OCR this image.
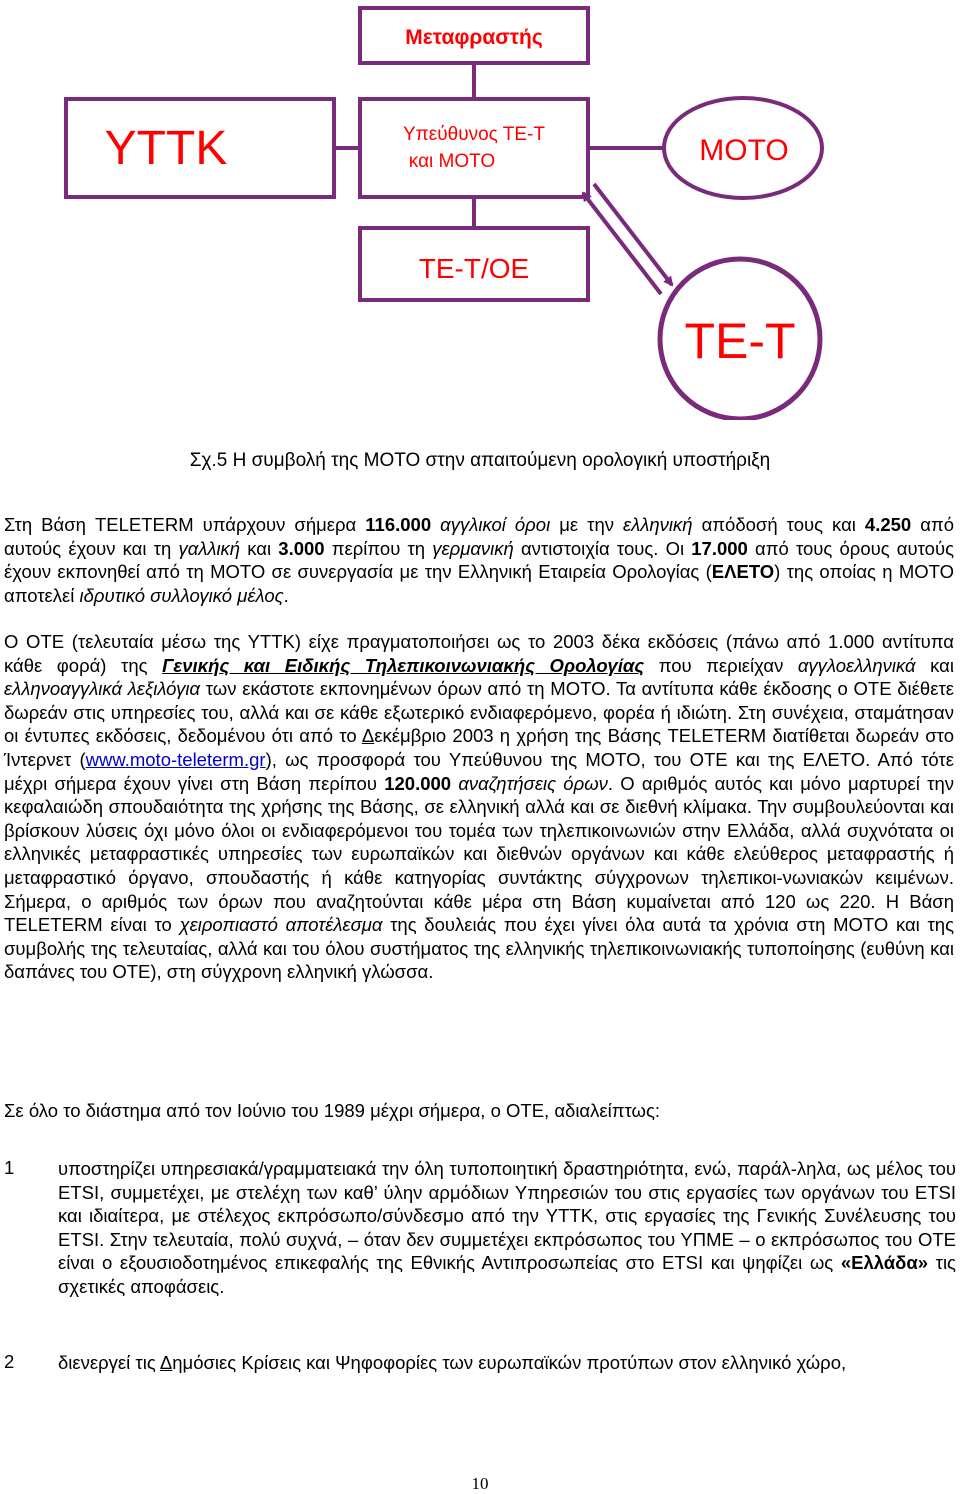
Μεταφραστής
ΥΤΤΚ	Υπεύθυνος ΤΕ-Τ
και ΜΟΤΟ	ΜΟΤΟ
ΤΕ-Τ/ΟΕ
ΤΕ-Τ
Σχ.5 Η συμβολή της ΜΟΤΟ στην απαιτούμενη ορολογική υποστήριξη
Στη Βάση TELETERM υπάρχουν σήμερα 116.000 αγγλικοί όροι με την ελληνική απόδοσή τους και 4.250 από αυτούς έχουν και τη γαλλική και 3.000 περίπου τη γερμανική αντιστοιχία τους. Οι 17.000 από τους όρους αυτούς έχουν εκπονηθεί από τη ΜΟΤΟ σε συνεργασία με την Ελληνική Εταιρεία Ορολογίας (ΕΛΕΤΟ) της οποίας η ΜΟΤΟ αποτελεί ιδρυτικό συλλογικό μέλος.
Ο ΟΤΕ (τελευταία μέσω της ΥΤΤΚ) είχε πραγματοποιήσει ως το 2003 δέκα εκδόσεις (πάνω από 1.000 αντίτυπα κάθε φορά) της Γενικής και Ειδικής Τηλεπικοινωνιακής Ορολογίας που περιείχαν αγγλοελληνικά και ελληνοαγγλικά λεξιλόγια των εκάστοτε εκπονημένων όρων από τη ΜΟΤΟ. Τα αντίτυπα κάθε έκδοσης ο ΟΤΕ διέθετε δωρεάν στις υπηρεσίες του, αλλά και σε κάθε εξωτερικό ενδιαφερόμενο, φορέα ή ιδιώτη. Στη συνέχεια, σταμάτησαν οι έντυπες εκδόσεις, δεδομένου ότι από το Δεκέμβριο 2003 η χρήση της Βάσης TELETERM διατίθεται δωρεάν στο Ίντερνετ (www.moto-teleterm.gr), ως προσφορά του Υπεύθυνου της ΜΟΤΟ, του ΟΤΕ και της ΕΛΕΤΟ. Από τότε μέχρι σήμερα έχουν γίνει στη Βάση περίπου 120.000 αναζητήσεις όρων. Ο αριθμός αυτός και μόνο μαρτυρεί την κεφαλαιώδη σπουδαιότητα της χρήσης της Βάσης, σε ελληνική αλλά και σε διεθνή κλίμακα. Την συμβουλεύονται και βρίσκουν λύσεις όχι μόνο όλοι οι ενδιαφερόμενοι του τομέα των τηλεπικοινωνιών στην Ελλάδα, αλλά συχνότατα οι ελληνικές μεταφραστικές υπηρεσίες των ευρωπαϊκών και διεθνών οργάνων και κάθε ελεύθερος μεταφραστής ή μεταφραστικό όργανο, σπουδαστής ή κάθε κατηγορίας συντάκτης σύγχρονων τηλεπικοι-νωνιακών κειμένων. Σήμερα, ο αριθμός των όρων που αναζητούνται κάθε μέρα στη Βάση κυμαίνεται από 120 ως 220. Η Βάση TELETERM είναι το χειροπιαστό αποτέλεσμα της δουλειάς που έχει γίνει όλα αυτά τα χρόνια στη ΜΟΤΟ και της συμβολής της τελευταίας, αλλά και του όλου συστήματος της ελληνικής τηλεπικοινωνιακής τυποποίησης (ευθύνη και δαπάνες του ΟΤΕ), στη σύγχρονη ελληνική γλώσσα.
Σε όλο το διάστημα από τον Ιούνιο του 1989 μέχρι σήμερα, ο ΟΤΕ, αδιαλείπτως:
1 υποστηρίζει υπηρεσιακά/γραμματειακά την όλη τυποποιητική δραστηριότητα, ενώ, παράλ-ληλα, ως μέλος του ETSI, συμμετέχει, με στελέχη των καθ’ ύλην αρμόδιων Υπηρεσιών του στις εργασίες των οργάνων του ETSI και ιδιαίτερα, με στέλεχος εκπρόσωπο/σύνδεσμο από την ΥΤΤΚ, στις εργασίες της Γενικής Συνέλευσης του ETSI. Στην τελευταία, πολύ συχνά, – όταν δεν συμμετέχει εκπρόσωπος του ΥΠΜΕ – ο εκπρόσωπος του ΟΤΕ είναι ο εξουσιοδοτημένος επικεφαλής της Εθνικής Αντιπροσωπείας στο ETSI και ψηφίζει ως «Ελλάδα» τις σχετικές αποφάσεις.
2 διενεργεί τις Δημόσιες Κρίσεις και Ψηφοφορίες των ευρωπαϊκών προτύπων στον ελληνικό χώρο,
10
